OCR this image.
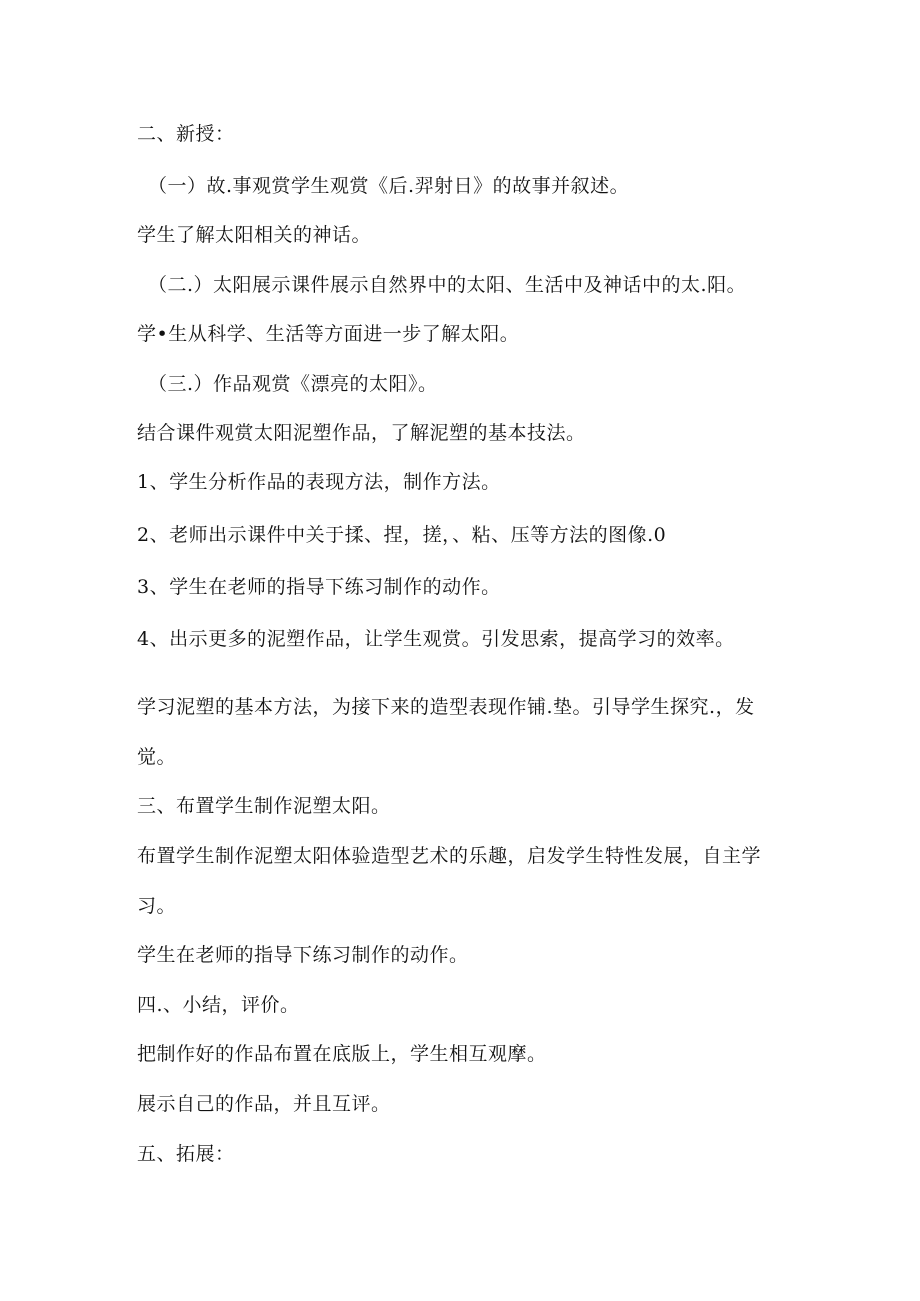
二、新授：
（一）故.事观赏学生观赏《后.羿射日》的故事并叙述。
学生了解太阳相关的神话。
（二.）太阳展示课件展示自然界中的太阳、生活中及神话中的太.阳。
学•生从科学、生活等方面进一步了解太阳。
（三.）作品观赏《漂亮的太阳》。
结合课件观赏太阳泥塑作品，了解泥塑的基本技法。
1、学生分析作品的表现方法，制作方法。
2、老师出示课件中关于揉、捏，搓，、粘、压等方法的图像.0
3、学生在老师的指导下练习制作的动作。
4、出示更多的泥塑作品，让学生观赏。引发思索，提高学习的效率。
学习泥塑的基本方法，为接下来的造型表现作铺.垫。引导学生探究.，发
觉。
三、布置学生制作泥塑太阳。
布置学生制作泥塑太阳体验造型艺术的乐趣，启发学生特性发展，自主学
习。
学生在老师的指导下练习制作的动作。
四.、小结，评价。
把制作好的作品布置在底版上，学生相互观摩。
展示自己的作品，并且互评。
五、拓展：
